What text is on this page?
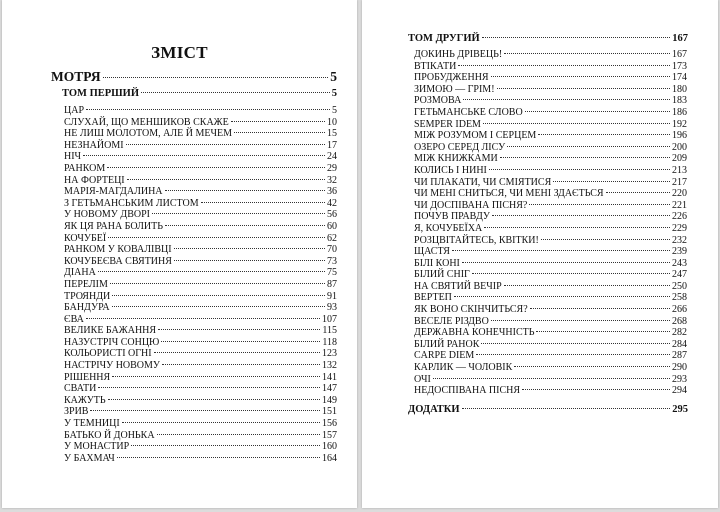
ЗМІСТ
МОТРЯ	5
ТОМ ПЕРШИЙ	5
ЦАР	5
СЛУХАЙ, ЩО МЕНШИКОВ СКАЖЕ	10
НЕ ЛИШ МОЛОТОМ, АЛЕ Й МЕЧЕМ	15
НЕЗНАЙОМІ	17
НІЧ	24
РАНКОМ	29
НА ФОРТЕЦІ	32
МАРІЯ-МАГДАЛИНА	36
З ГЕТЬМАНСЬКИМ ЛИСТОМ	42
У НОВОМУ ДВОРІ	56
ЯК ЦЯ РАНА БОЛИТЬ	60
КОЧУБЕЇ	62
РАНКОМ У КОВАЛІВЦІ	70
КОЧУБЕЄВА СВЯТИНЯ	73
ДІАНА	75
ПЕРЕЛІМ	87
ТРОЯНДИ	91
БАНДУРА	93
ЄВА	107
ВЕЛИКЕ БАЖАННЯ	115
НАЗУСТРІЧ СОНЦЮ	118
КОЛЬОРИСТІ ОГНІ	123
НАСТРІЧУ НОВОМУ	132
РІШЕННЯ	141
СВАТИ	147
КАЖУТЬ	149
ЗРИВ	151
У ТЕМНИЦІ	156
БАТЬКО Й ДОНЬКА	157
У МОНАСТИР	160
У БАХМАЧ	164
ТОМ ДРУГИЙ	167
ДОКИНЬ ДРІВЕЦЬ!	167
ВТІКАТИ	173
ПРОБУДЖЕННЯ	174
ЗИМОЮ — ГРІМ!	180
РОЗМОВА	183
ГЕТЬМАНСЬКЕ СЛОВО	186
SEMPER IDEM	192
МІЖ РОЗУМОМ І СЕРЦЕМ	196
ОЗЕРО СЕРЕД ЛІСУ	200
МІЖ КНИЖКАМИ	209
КОЛИСЬ І НИНІ	213
ЧИ ПЛАКАТИ, ЧИ СМІЯТИСЯ	217
ЧИ МЕНІ СНИТЬСЯ, ЧИ МЕНІ ЗДАЄТЬСЯ	220
ЧИ ДОСПІВАНА ПІСНЯ?	221
ПОЧУВ ПРАВДУ	226
Я, КОЧУБЕЇХА	229
РОЗЦВІТАЙТЕСЬ, КВІТКИ!	232
ЩАСТЯ	239
БІЛІ КОНІ	243
БІЛИЙ СНІГ	247
НА СВЯТИЙ ВЕЧІР	250
ВЕРТЕП	258
ЯК ВОНО СКІНЧИТЬСЯ?	266
ВЕСЕЛЕ РІЗДВО	268
ДЕРЖАВНА КОНЕЧНІСТЬ	282
БІЛИЙ РАНОК	284
CARPE DIEM	287
КАРЛИК — ЧОЛОВІК	290
ОЧІ	293
НЕДОСПІВАНА ПІСНЯ	294
ДОДАТКИ	295
